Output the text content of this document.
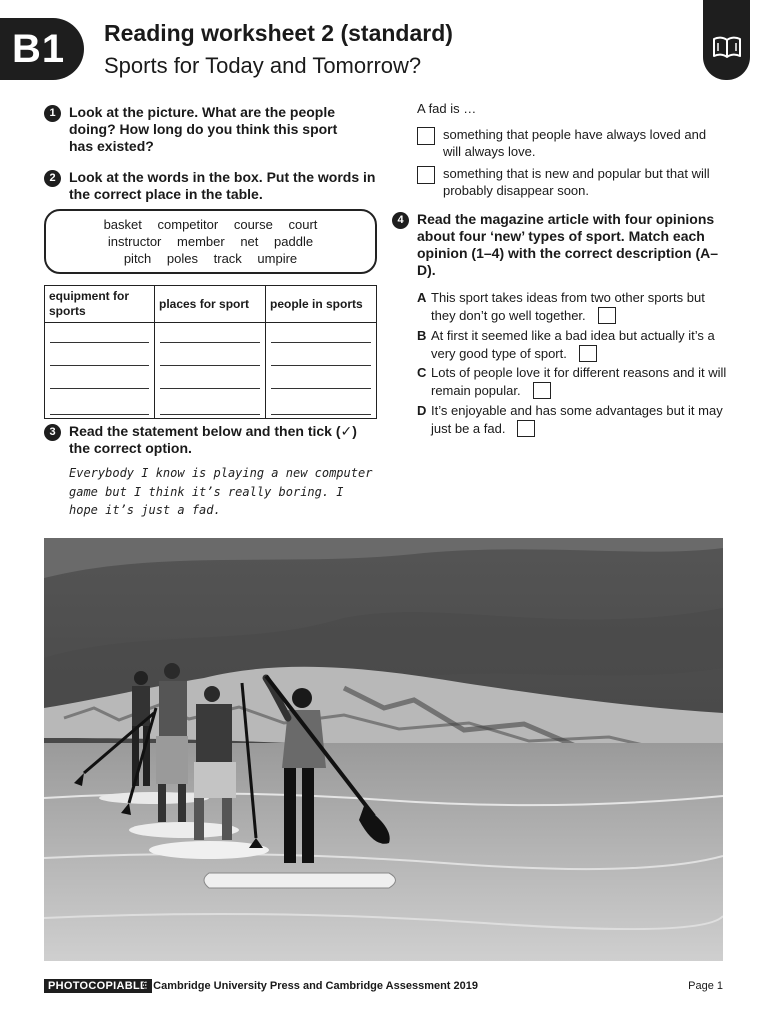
B1	Reading worksheet 2 (standard)
Sports for Today and Tomorrow?
1 Look at the picture. What are the people doing? How long do you think this sport has existed?
2 Look at the words in the box. Put the words in the correct place in the table.
basket competitor course court
instructor member net paddle
pitch poles track umpire
equipment for sports	places for sport	people in sports

3 Read the statement below and then tick (✓) the correct option.
Everybody I know is playing a new computer game but I think it’s really boring. I hope it’s just a fad.
A fad is …
something that people have always loved and will always love.
something that is new and popular but that will probably disappear soon.
4 Read the magazine article with four opinions about four ‘new’ types of sport. Match each opinion (1–4) with the correct description (A–D).
A This sport takes ideas from two other sports but they don’t go well together.
B At first it seemed like a bad idea but actually it’s a very good type of sport.
C Lots of people love it for different reasons and it will remain popular.
D It’s enjoyable and has some advantages but it may just be a fad.
PHOTOCOPIABLE
© Cambridge University Press and Cambridge Assessment 2019	Page 1
